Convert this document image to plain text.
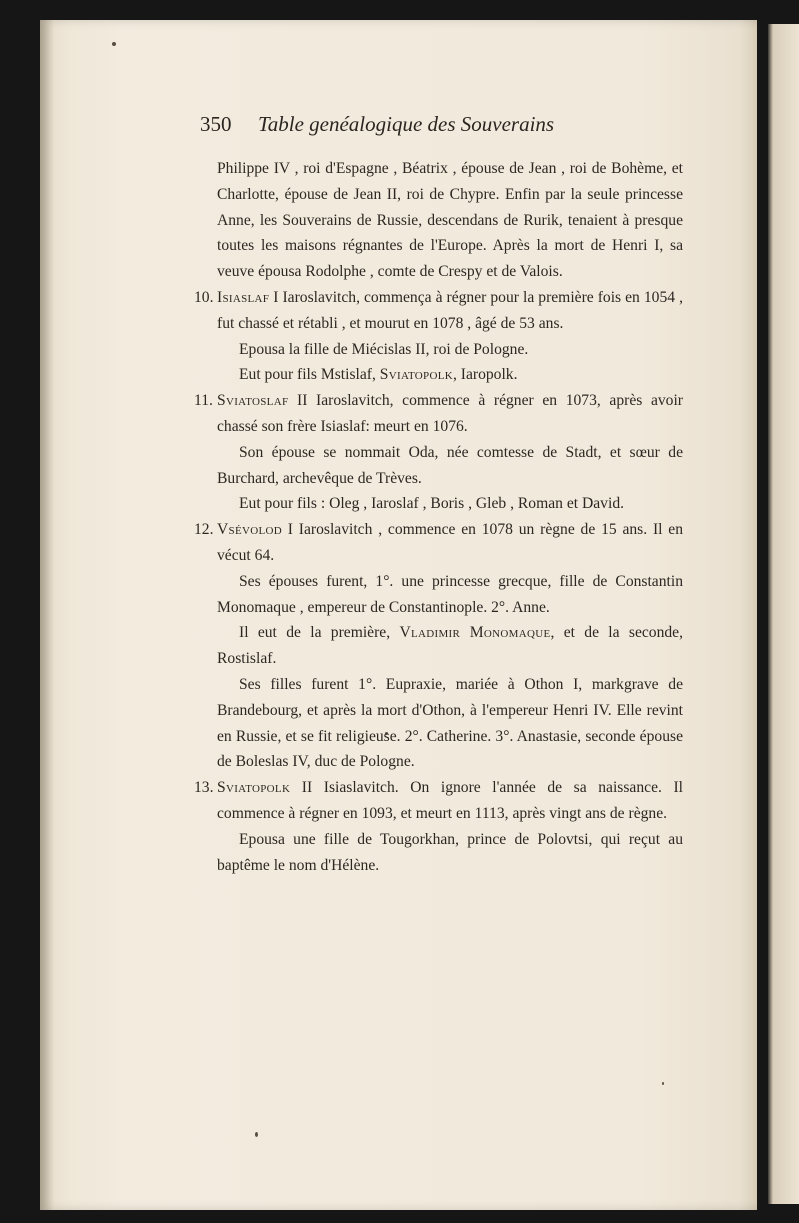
350 Table genéalogique des Souverains

Philippe IV , roi d'Espagne , Béatrix , épouse de Jean , roi de Bohème, et Charlotte, épouse de Jean II, roi de Chypre. Enfin par la seule princesse Anne, les Souverains de Russie, descendans de Rurik, tenaient à presque toutes les maisons régnantes de l'Europe. Après la mort de Henri I, sa veuve épousa Rodolphe , comte de Crespy et de Valois.

10. Isiaslaf I Iaroslavitch, commença à régner pour la première fois en 1054 , fut chassé et rétabli , et mourut en 1078 , âgé de 53 ans.

Epousa la fille de Miécislas II, roi de Pologne.

Eut pour fils Mstislaf, Sviatopolk, Iaropolk.

11. Sviatoslaf II Iaroslavitch, commence à régner en 1073, après avoir chassé son frère Isiaslaf: meurt en 1076.

Son épouse se nommait Oda, née comtesse de Stadt, et sœur de Burchard, archevêque de Trèves.

Eut pour fils : Oleg , Iaroslaf , Boris , Gleb , Roman et David.

12. Vsévolod I Iaroslavitch , commence en 1078 un règne de 15 ans. Il en vécut 64.

Ses épouses furent, 1°. une princesse grecque, fille de Constantin Monomaque , empereur de Constantinople. 2°. Anne.

Il eut de la première, Vladimir Monomaque, et de la seconde, Rostislaf.

Ses filles furent 1°. Eupraxie, mariée à Othon I, markgrave de Brandebourg, et après la mort d'Othon, à l'empereur Henri IV. Elle revint en Russie, et se fit religieuse. 2°. Catherine. 3°. Anastasie, seconde épouse de Boleslas IV, duc de Pologne.

13. Sviatopolk II Isiaslavitch. On ignore l'année de sa naissance. Il commence à régner en 1093, et meurt en 1113, après vingt ans de règne.

Epousa une fille de Tougorkhan, prince de Polovtsi, qui reçut au baptême le nom d'Hélène.
